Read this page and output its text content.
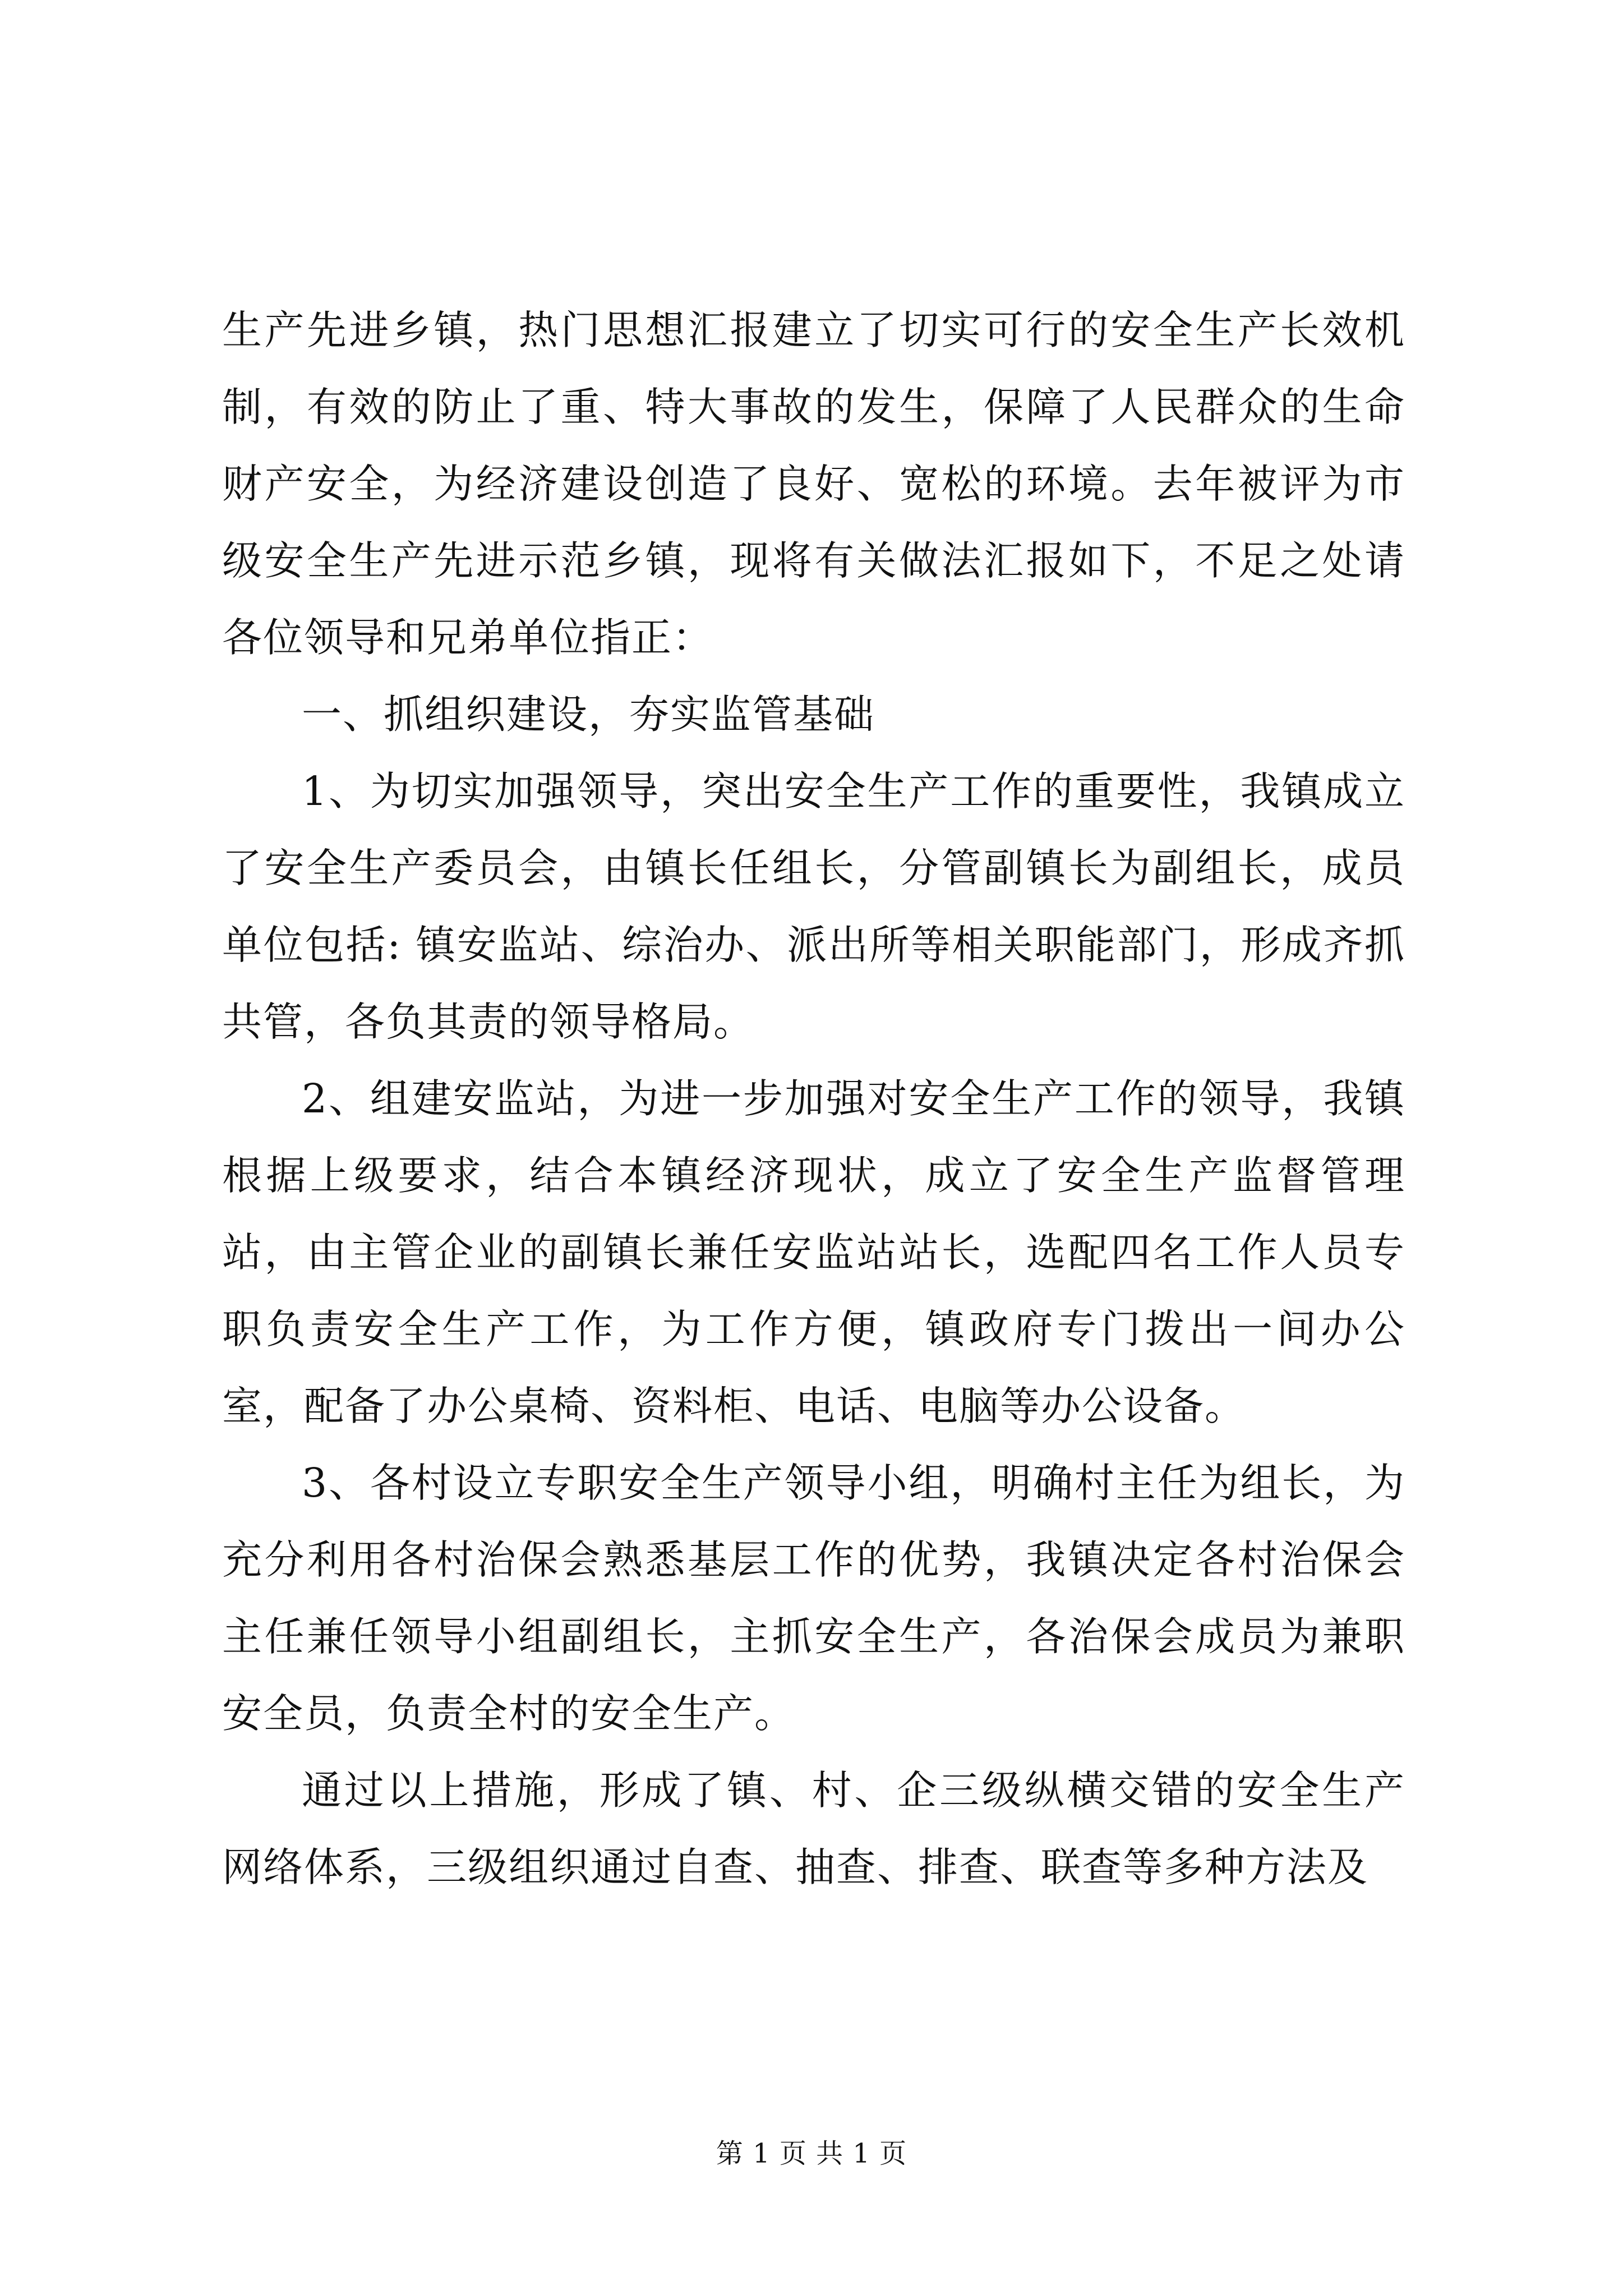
生产先进乡镇，热门思想汇报建立了切实可行的安全生产长效机制，有效的防止了重、特大事故的发生，保障了人民群众的生命财产安全，为经济建设创造了良好、宽松的环境。去年被评为市级安全生产先进示范乡镇，现将有关做法汇报如下，不足之处请各位领导和兄弟单位指正：

一、抓组织建设，夯实监管基础

1、为切实加强领导，突出安全生产工作的重要性，我镇成立了安全生产委员会，由镇长任组长，分管副镇长为副组长，成员单位包括: 镇安监站、综治办、派出所等相关职能部门，形成齐抓共管，各负其责的领导格局。

2、组建安监站，为进一步加强对安全生产工作的领导，我镇根据上级要求，结合本镇经济现状，成立了安全生产监督管理站，由主管企业的副镇长兼任安监站站长，选配四名工作人员专职负责安全生产工作，为工作方便，镇政府专门拨出一间办公室，配备了办公桌椅、资料柜、电话、电脑等办公设备。

3、各村设立专职安全生产领导小组，明确村主任为组长，为充分利用各村治保会熟悉基层工作的优势，我镇决定各村治保会主任兼任领导小组副组长，主抓安全生产，各治保会成员为兼职安全员，负责全村的安全生产。

通过以上措施，形成了镇、村、企三级纵横交错的安全生产网络体系，三级组织通过自查、抽查、排查、联查等多种方法及

第 1 页 共 1 页
